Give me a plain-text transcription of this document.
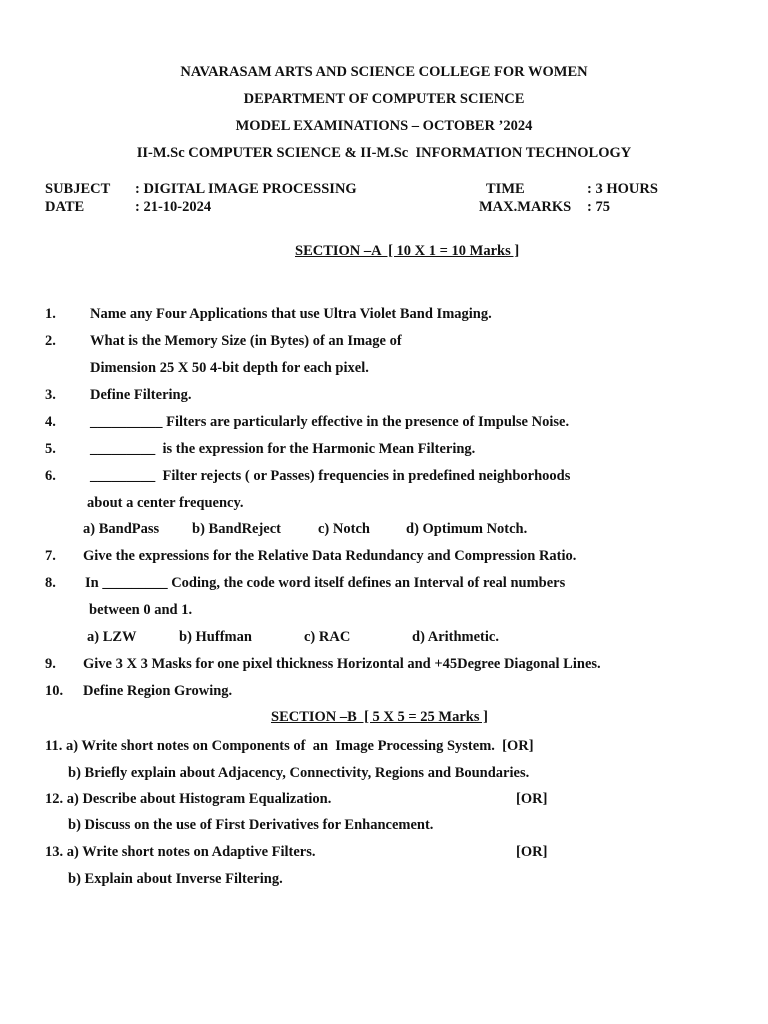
NAVARASAM ARTS AND SCIENCE COLLEGE FOR WOMEN
DEPARTMENT OF COMPUTER SCIENCE
MODEL EXAMINATIONS – OCTOBER ’2024
II-M.Sc COMPUTER SCIENCE & II-M.Sc  INFORMATION TECHNOLOGY
SUBJECT : DIGITAL IMAGE PROCESSING	TIME	: 3 HOURS
DATE	: 21-10-2024	MAX.MARKS : 75
SECTION –A  [ 10 X 1 = 10 Marks ]
1. Name any Four Applications that use Ultra Violet Band Imaging.
2. What is the Memory Size (in Bytes) of an Image of
Dimension 25 X 50 4-bit depth for each pixel.
3. Define Filtering.
4. __________ Filters are particularly effective in the presence of Impulse Noise.
5. _________  is the expression for the Harmonic Mean Filtering.
6. _________  Filter rejects ( or Passes) frequencies in predefined neighborhoods
about a center frequency.
a) BandPass b) BandReject	c) Notch d) Optimum Notch.
7. Give the expressions for the Relative Data Redundancy and Compression Ratio.
8. In _________ Coding, the code word itself defines an Interval of real numbers
between 0 and 1.
a) LZW	b) Huffman	c) RAC	d) Arithmetic.
9. Give 3 X 3 Masks for one pixel thickness Horizontal and +45Degree Diagonal Lines.
10. Define Region Growing.
SECTION –B  [ 5 X 5 = 25 Marks ]
11. a) Write short notes on Components of  an  Image Processing System.  [OR]
b) Briefly explain about Adjacency, Connectivity, Regions and Boundaries.
12. a) Describe about Histogram Equalization.	[OR]
b) Discuss on the use of First Derivatives for Enhancement.
13. a) Write short notes on Adaptive Filters.	[OR]
b) Explain about Inverse Filtering.
